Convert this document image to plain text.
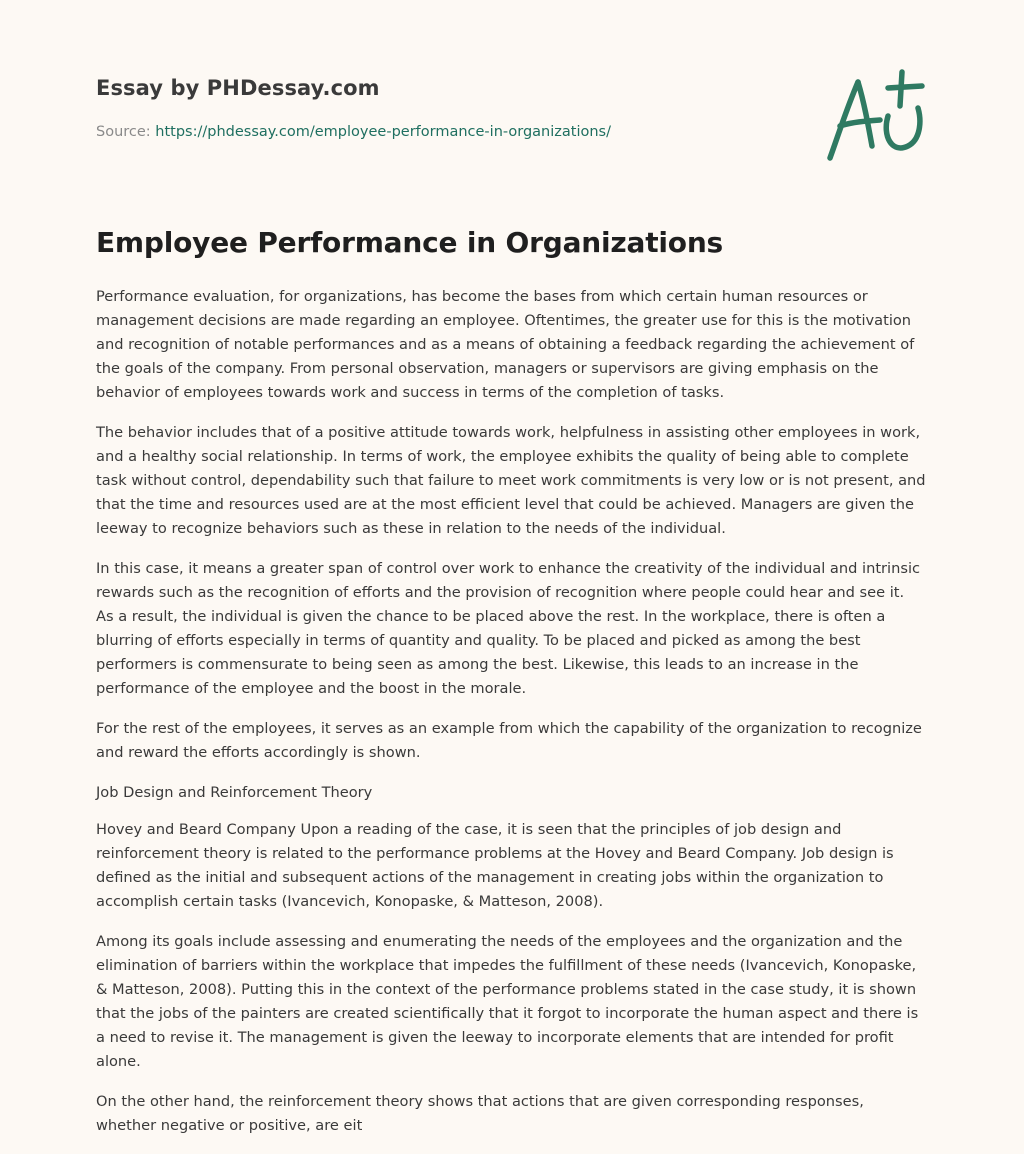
Essay by PHDessay.com

Source: https://phdessay.com/employee-performance-in-organizations/

Employee Performance in Organizations

Performance evaluation, for organizations, has become the bases from which certain human resources or management decisions are made regarding an employee. Oftentimes, the greater use for this is the motivation and recognition of notable performances and as a means of obtaining a feedback regarding the achievement of the goals of the company. From personal observation, managers or supervisors are giving emphasis on the behavior of employees towards work and success in terms of the completion of tasks.

The behavior includes that of a positive attitude towards work, helpfulness in assisting other employees in work, and a healthy social relationship. In terms of work, the employee exhibits the quality of being able to complete task without control, dependability such that failure to meet work commitments is very low or is not present, and that the time and resources used are at the most efficient level that could be achieved. Managers are given the leeway to recognize behaviors such as these in relation to the needs of the individual.

In this case, it means a greater span of control over work to enhance the creativity of the individual and intrinsic rewards such as the recognition of efforts and the provision of recognition where people could hear and see it. As a result, the individual is given the chance to be placed above the rest. In the workplace, there is often a blurring of efforts especially in terms of quantity and quality. To be placed and picked as among the best performers is commensurate to being seen as among the best. Likewise, this leads to an increase in the performance of the employee and the boost in the morale.

For the rest of the employees, it serves as an example from which the capability of the organization to recognize and reward the efforts accordingly is shown.

Job Design and Reinforcement Theory

Hovey and Beard Company Upon a reading of the case, it is seen that the principles of job design and reinforcement theory is related to the performance problems at the Hovey and Beard Company. Job design is defined as the initial and subsequent actions of the management in creating jobs within the organization to accomplish certain tasks (Ivancevich, Konopaske, & Matteson, 2008).

Among its goals include assessing and enumerating the needs of the employees and the organization and the elimination of barriers within the workplace that impedes the fulfillment of these needs (Ivancevich, Konopaske, & Matteson, 2008). Putting this in the context of the performance problems stated in the case study, it is shown that the jobs of the painters are created scientifically that it forgot to incorporate the human aspect and there is a need to revise it. The management is given the leeway to incorporate elements that are intended for profit alone.

On the other hand, the reinforcement theory shows that actions that are given corresponding responses, whether negative or positive, are eit
